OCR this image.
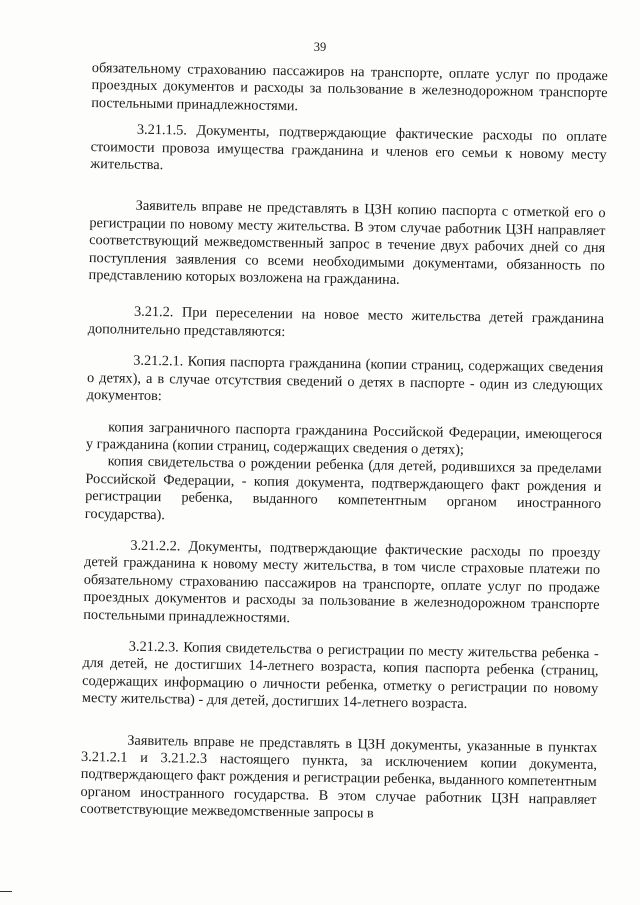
39

обязательному страхованию пассажиров на транспорте, оплате услуг по продаже проездных документов и расходы за пользование в железнодорожном транспорте постельными принадлежностями.

3.21.1.5. Документы, подтверждающие фактические расходы по оплате стоимости провоза имущества гражданина и членов его семьи к новому месту жительства.

Заявитель вправе не представлять в ЦЗН копию паспорта с отметкой его о регистрации по новому месту жительства. В этом случае работник ЦЗН направляет соответствующий межведомственный запрос в течение двух рабочих дней со дня поступления заявления со всеми необходимыми документами, обязанность по представлению которых возложена на гражданина.

3.21.2. При переселении на новое место жительства детей гражданина дополнительно представляются:

3.21.2.1. Копия паспорта гражданина (копии страниц, содержащих сведения о детях), а в случае отсутствия сведений о детях в паспорте - один из следующих документов:

копия заграничного паспорта гражданина Российской Федерации, имеющегося у гражданина (копии страниц, содержащих сведения о детях);

копия свидетельства о рождении ребенка (для детей, родившихся за пределами Российской Федерации, - копия документа, подтверждающего факт рождения и регистрации ребенка, выданного компетентным органом иностранного государства).

3.21.2.2. Документы, подтверждающие фактические расходы по проезду детей гражданина к новому месту жительства, в том числе страховые платежи по обязательному страхованию пассажиров на транспорте, оплате услуг по продаже проездных документов и расходы за пользование в железнодорожном транспорте постельными принадлежностями.

3.21.2.3. Копия свидетельства о регистрации по месту жительства ребенка - для детей, не достигших 14-летнего возраста, копия паспорта ребенка (страниц, содержащих информацию о личности ребенка, отметку о регистрации по новому месту жительства) - для детей, достигших 14-летнего возраста.

Заявитель вправе не представлять в ЦЗН документы, указанные в пунктах 3.21.2.1 и 3.21.2.3 настоящего пункта, за исключением копии документа, подтверждающего факт рождения и регистрации ребенка, выданного компетентным органом иностранного государства. В этом случае работник ЦЗН направляет соответствующие межведомственные запросы в
